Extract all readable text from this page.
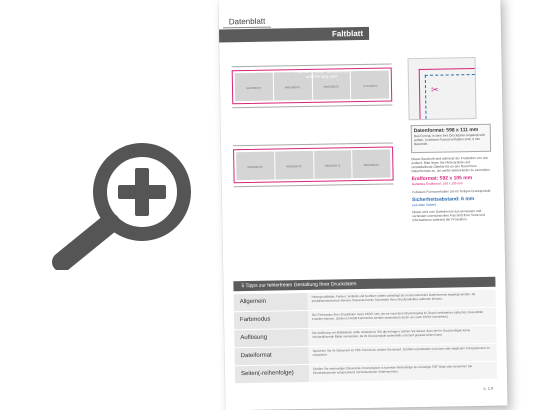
Datenblatt
Faltblatt
RÜCKSEITE	INNENSEITE	INNENSEITE	TITELSEITE
Faltblatt 4-seitig · Zickzackfalz auf DIN lang quer
INNENSEITE	INNENSEITE	INNENSEITE	INNENSEITE
✂
Datenformat: 598 x 111 mm

Das Format, in dem Ihre Druckdaten angelegt sein sollten. In diesem Format enthalten sind: 3 mm Beschnitt.

Dieser Beschnitt wird während der Produktion von uns entfernt. Bitte legen Sie Hintergründe und randabfallende Objekte bis an den Rand Ihres Datenformats an, um weiße Seitenränder zu vermeiden.

Endformat: 592 x 105 mm

Gefalztes Endformat: 148 x 105 mm

In diesem Format erhalten Sie Ihr fertiges Druckprodukt.

Sicherheitsabstand: 6 mm

(auf allen Seiten)

Dieser wird vom Datenformat aus gemessen und verhindert unerwünschten Anschnitt Ihrer Texte und Informationen während der Produktion.

5 Tipps zur fehlerfreien Gestaltung Ihrer Druckdaten
Allgemein
Hintergrundbilder, Farben, Verläufe und Grafiken sollten unbedingt bis an den Rand des Datenformats angelegt werden, da produktionstechnisch kleinere Toleranzen beim Schneiden Ihres Druckproduktes auftreten können.
Farbmodus
Der Farbmodus Ihrer Druckdaten muss CMYK sein, da wir nach dem Druckvorgang im Druck) verändertes optisches Gesamtbild erstellen können. (Gelten im RGB-Farbmodus werden automatisch durch uns nach CMYK konvertiert.)
Auflösung
Die Auflösung von Bilddateien sollte mindestens 300 dpi betragen. Achten Sie darauf, dass bei Ihr Druckvorlagen keine Hochauflösende Bilder verwenden, da Ihr Druckprodukt andernfalls unscharf gepixelt wirken kann.
Dateiformat
Speichern Sie Ihr Dokument im PDF-Format ab. Achten Sie darauf, Schriften einzubetten und zuvor alle möglichen Transparenzen zu reduzieren.
Seiten(-reihenfolge)
Senden Sie mehrseitige Dokumente chronologisch in korrekter Reihenfolge als einseitige PDF-Datei oder benennen Sie Einzeldokumente entsprechend mit fortlaufender Seitennummer.
s. 1.0
